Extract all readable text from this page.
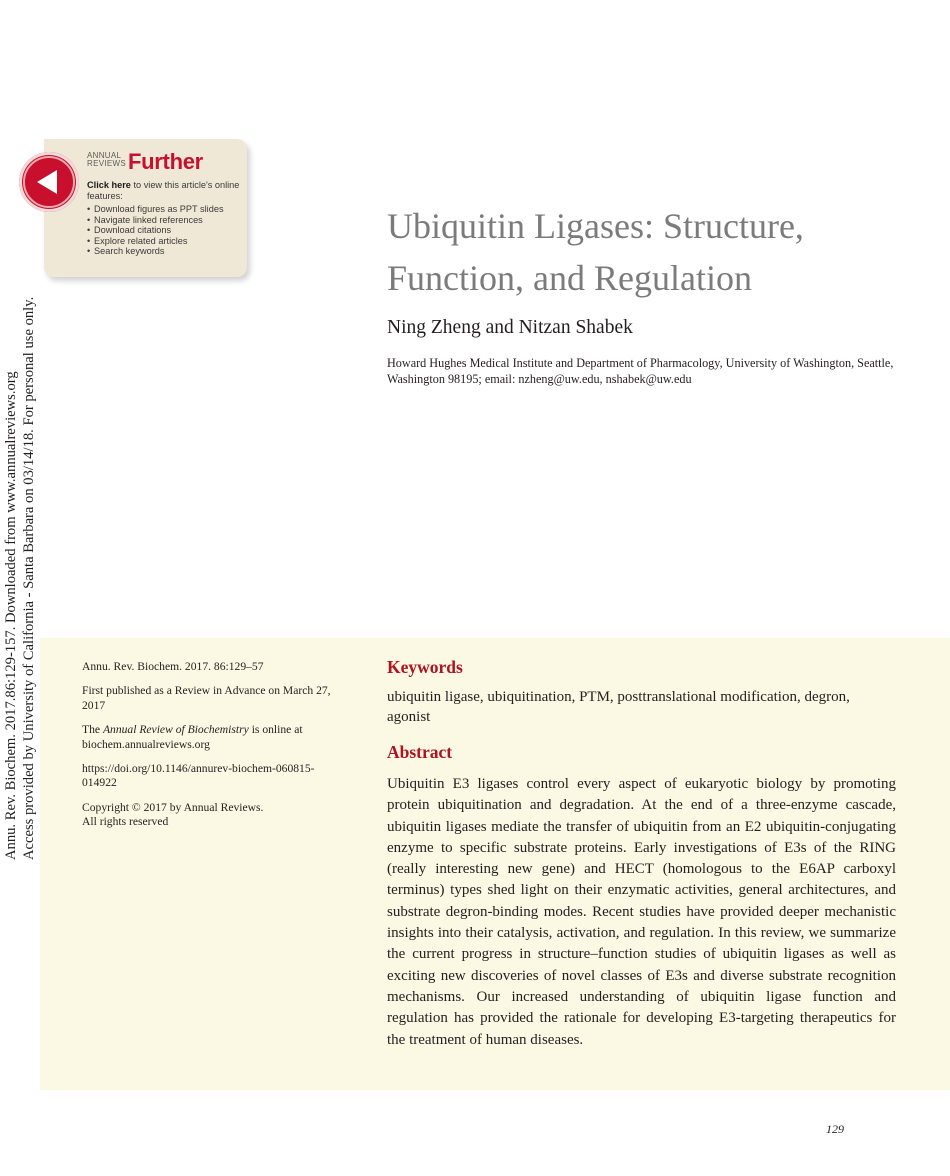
ANNUAL
REVIEWS Further
Click here to view this article's online features:
• Download figures as PPT slides
• Navigate linked references
• Download citations
• Explore related articles
• Search keywords
Annu. Rev. Biochem. 2017.86:129-157. Downloaded from www.annualreviews.org Access provided by University of California - Santa Barbara on 03/14/18. For personal use only.
Ubiquitin Ligases: Structure,
Function, and Regulation
Ning Zheng and Nitzan Shabek
Howard Hughes Medical Institute and Department of Pharmacology, University of Washington, Seattle, Washington 98195; email: nzheng@uw.edu, nshabek@uw.edu

Annu. Rev. Biochem. 2017. 86:129–57

First published as a Review in Advance on March 27, 2017

The Annual Review of Biochemistry is online at biochem.annualreviews.org

https://doi.org/10.1146/annurev-biochem-060815-014922

Copyright © 2017 by Annual Reviews.
All rights reserved

Keywords
ubiquitin ligase, ubiquitination, PTM, posttranslational modification, degron, agonist
Abstract

Ubiquitin E3 ligases control every aspect of eukaryotic biology by promoting protein ubiquitination and degradation. At the end of a three-enzyme cascade, ubiquitin ligases mediate the transfer of ubiquitin from an E2 ubiquitin-conjugating enzyme to specific substrate proteins. Early investigations of E3s of the RING (really interesting new gene) and HECT (homologous to the E6AP carboxyl terminus) types shed light on their enzymatic activities, general architectures, and substrate degron-binding modes. Recent studies have provided deeper mechanistic insights into their catalysis, activation, and regulation. In this review, we summarize the current progress in structure–function studies of ubiquitin ligases as well as exciting new discoveries of novel classes of E3s and diverse substrate recognition mechanisms. Our increased understanding of ubiquitin ligase function and regulation has provided the rationale for developing E3-targeting therapeutics for the treatment of human diseases.

129
